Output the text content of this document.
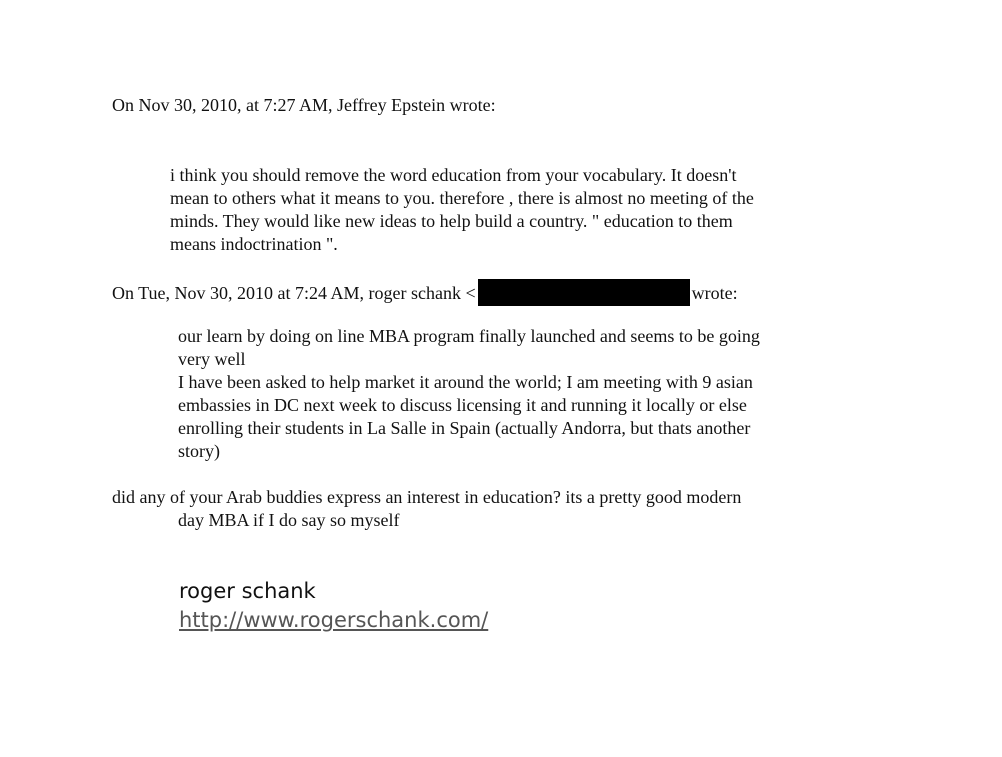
On Nov 30, 2010, at 7:27 AM, Jeffrey Epstein wrote:
i think you should remove the word education from your vocabulary. It doesn't
mean to others what it means to you. therefore , there is almost no meeting of the
minds. They would like new ideas to help build a country. " education to them
means indoctrination ".
On Tue, Nov 30, 2010 at 7:24 AM, roger schank <	wrote:
our learn by doing on line MBA program finally launched and seems to be going
very well
I have been asked to help market it around the world; I am meeting with 9 asian
embassies in DC next week to discuss licensing it and running it locally or else
enrolling their students in La Salle in Spain (actually Andorra, but thats another
story)
did any of your Arab buddies express an interest in education? its a pretty good modern
day MBA if I do say so myself
roger schank
http://www.rogerschank.com/
